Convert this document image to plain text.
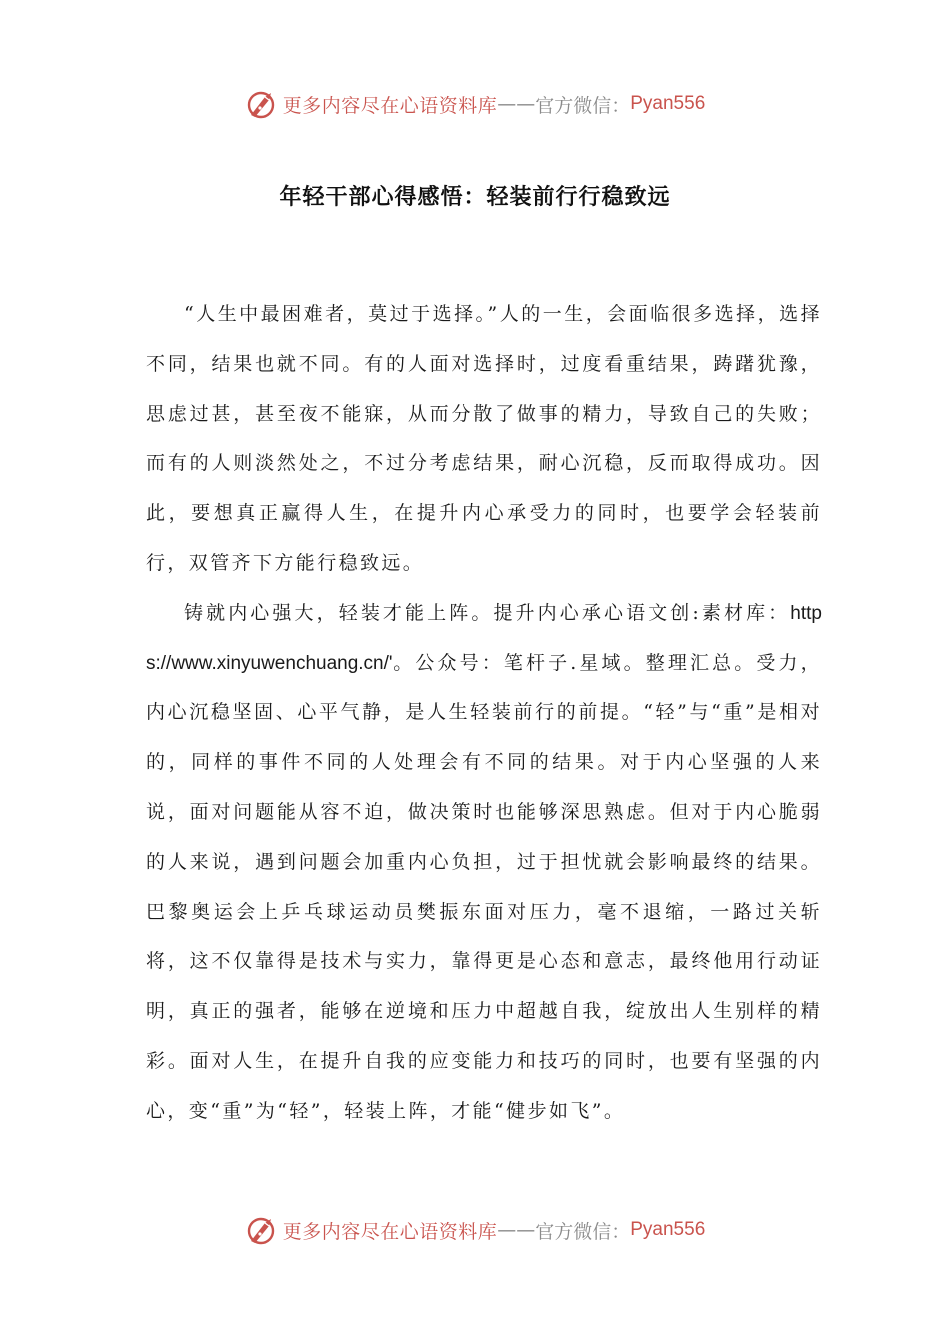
更多内容尽在心语资料库 —— 官方微信： Pyan556
年轻干部心得感悟：轻装前行行稳致远

“人生中最困难者，莫过于选择。”人的一生，会面临很多选择，选择不同，结果也就不同。有的人面对选择时，过度看重结果，踌躇犹豫，思虑过甚，甚至夜不能寐，从而分散了做事的精力，导致自己的失败；而有的人则淡然处之，不过分考虑结果，耐心沉稳，反而取得成功。因此，要想真正赢得人生，在提升内心承受力的同时，也要学会轻装前行，双管齐下方能行稳致远。

铸就内心强大，轻装才能上阵。提升内心承心语文创:素材库：https://www.xinyuwenchuang.cn/'。公众号：笔杆子.星域。整理汇总。受力，内心沉稳坚固、心平气静，是人生轻装前行的前提。“轻”与“重”是相对的，同样的事件不同的人处理会有不同的结果。对于内心坚强的人来说，面对问题能从容不迫，做决策时也能够深思熟虑。但对于内心脆弱的人来说，遇到问题会加重内心负担，过于担忧就会影响最终的结果。巴黎奥运会上乒乓球运动员樊振东面对压力，毫不退缩，一路过关斩将，这不仅靠得是技术与实力，靠得更是心态和意志，最终他用行动证明，真正的强者，能够在逆境和压力中超越自我，绽放出人生别样的精彩。面对人生，在提升自我的应变能力和技巧的同时，也要有坚强的内心，变“重”为“轻”，轻装上阵，才能“健步如飞”。

更多内容尽在心语资料库 —— 官方微信： Pyan556
